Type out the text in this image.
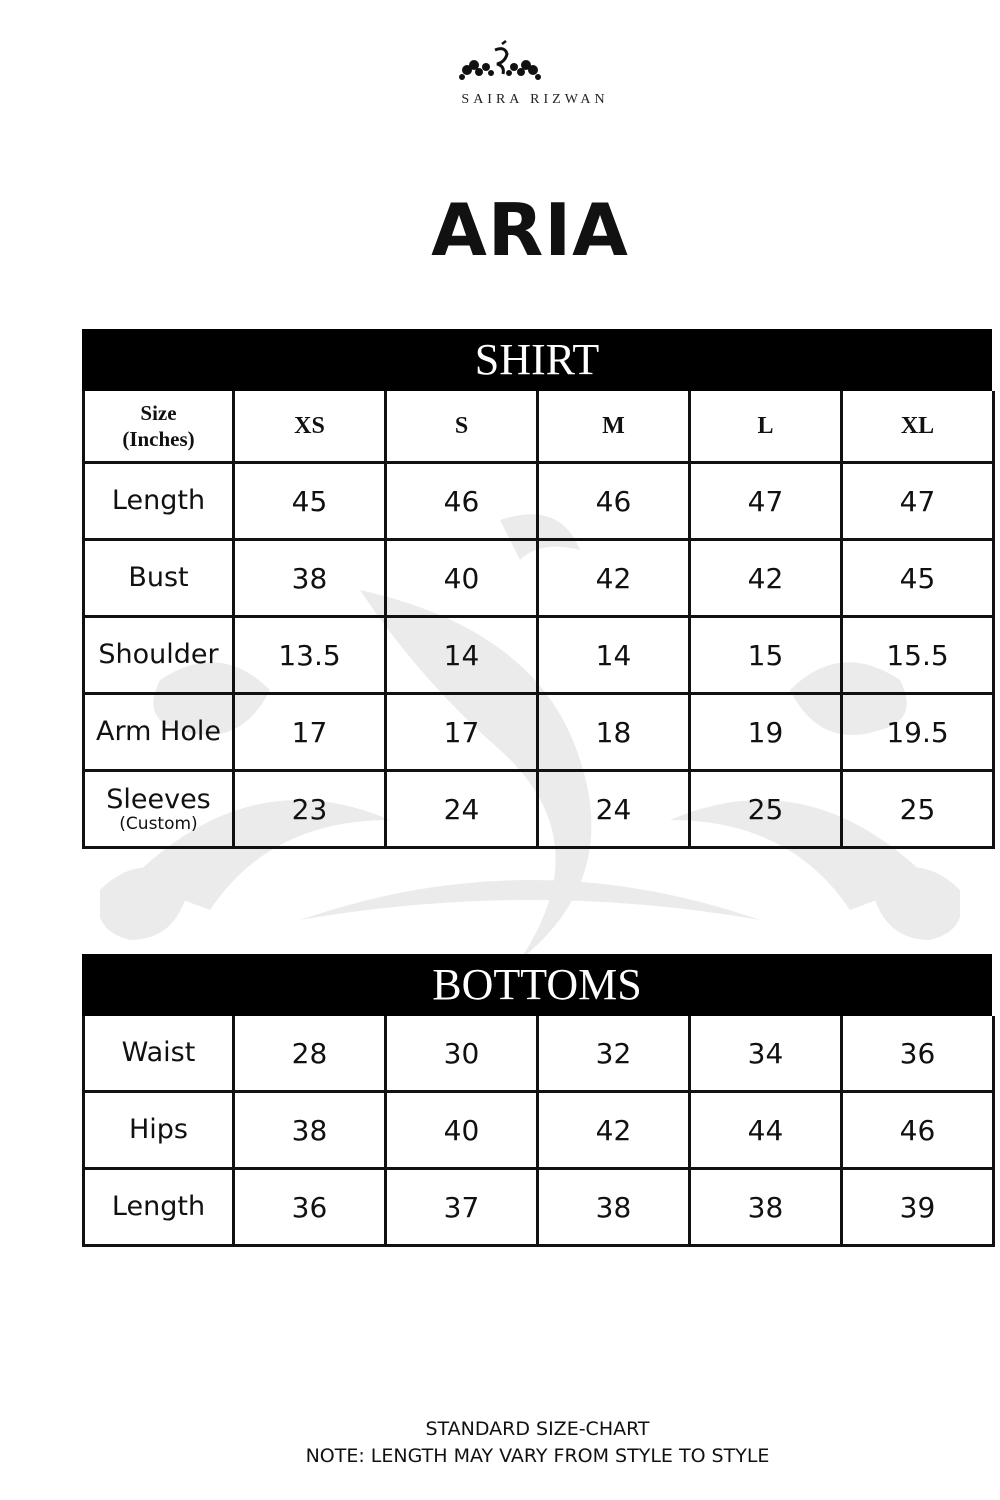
SAIRA RIZWAN
ARIA
SHIRT
Size
(Inches)
XS	S	M	L	XL
Length	45	46	46	47	47
Bust	38	40	42	42	45
Shoulder	13.5	14	14	15	15.5
Arm Hole	17	17	18	19	19.5
Sleeves
(Custom)	23	24	24	25	25
BOTTOMS
Waist	28	30	32	34	36
Hips	38	40	42	44	46
Length	36	37	38	38	39
STANDARD SIZE-CHART
NOTE: LENGTH MAY VARY FROM STYLE TO STYLE
